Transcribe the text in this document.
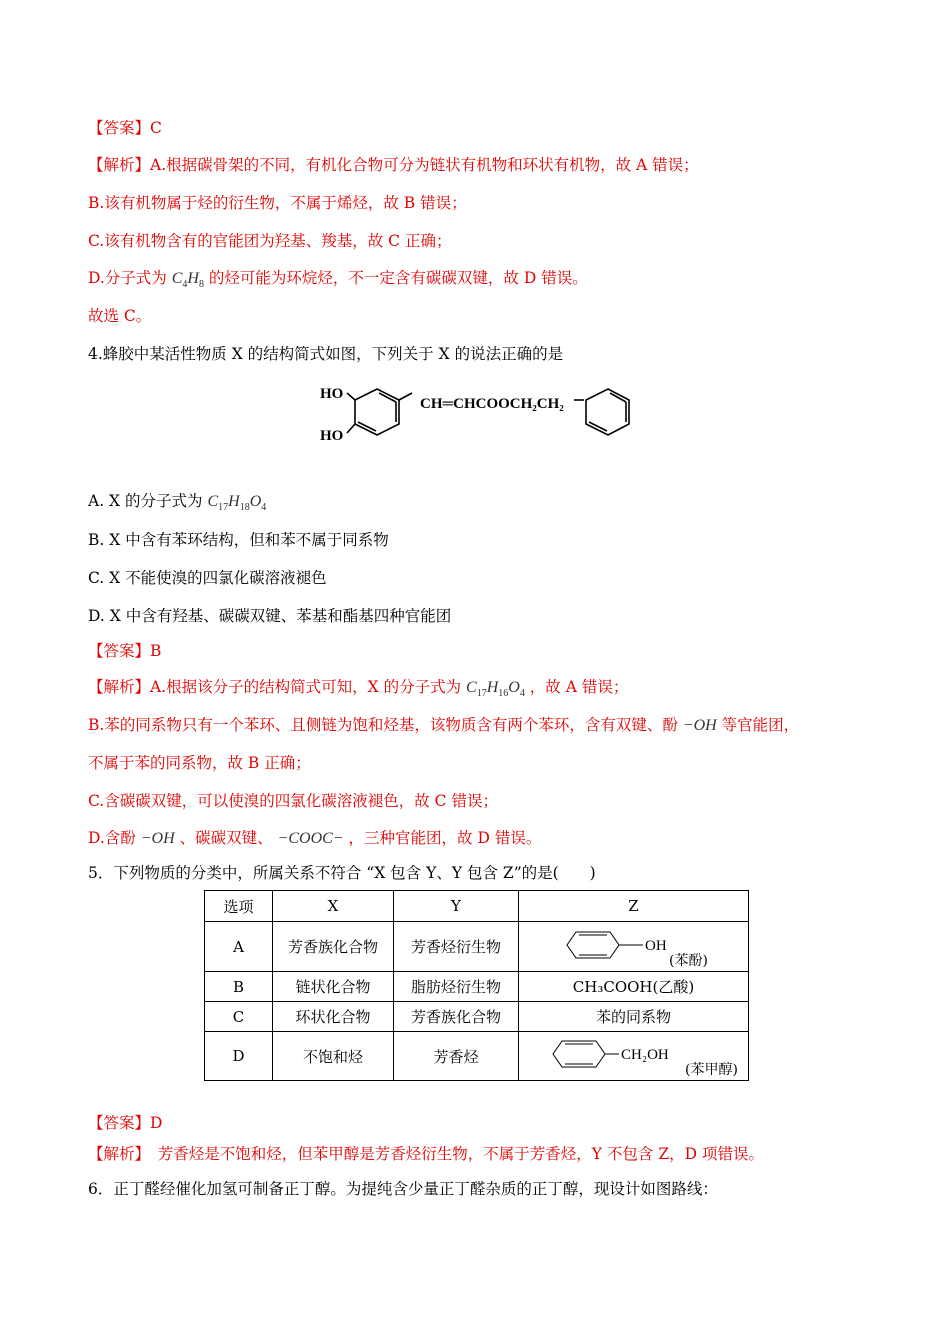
【答案】C
【解析】A.根据碳骨架的不同，有机化合物可分为链状有机物和环状有机物，故 A 错误；
B.该有机物属于烃的衍生物，不属于烯烃，故 B 错误；
C.该有机物含有的官能团为羟基、羧基，故 C 正确；
D.分子式为 $C_4H_8$ 的烃可能为环烷烃，不一定含有碳碳双键，故 D 错误。
故选 C。
4.蜂胶中某活性物质 X 的结构简式如图，下列关于 X 的说法正确的是
HO
HO
CH═CHCOOCH₂CH₂
A. X 的分子式为 $C_{17}H_{18}O_4$
B. X 中含有苯环结构，但和苯不属于同系物
C. X 不能使溴的四氯化碳溶液褪色
D. X 中含有羟基、碳碳双键、苯基和酯基四种官能团
【答案】B
【解析】A.根据该分子的结构简式可知，X 的分子式为 $C_{17}H_{16}O_4$ ，故 A 错误；
B.苯的同系物只有一个苯环、且侧链为饱和烃基，该物质含有两个苯环，含有双键、酚 −OH 等官能团，
不属于苯的同系物，故 B 正确；
C.含碳碳双键，可以使溴的四氯化碳溶液褪色，故 C 错误；
D.含酚 −OH 、碳碳双键、 −COOC− ，三种官能团，故 D 错误。
5．下列物质的分类中，所属关系不符合 “X 包含 Y、Y 包含 Z”的是(　　)
选项	X	Y	Z
A	芳香族化合物	芳香烃衍生物	OH
(苯酚)

B	链状化合物	脂肪烃衍生物	CH₃COOH(乙酸)
C	环状化合物	芳香族化合物	苯的同系物
D	不饱和烃	芳香烃	CH₂OH
(苯甲醇)
【答案】D
【解析】　芳香烃是不饱和烃，但苯甲醇是芳香烃衍生物，不属于芳香烃，Y 不包含 Z，D 项错误。
6．正丁醛经催化加氢可制备正丁醇。为提纯含少量正丁醛杂质的正丁醇，现设计如图路线：
